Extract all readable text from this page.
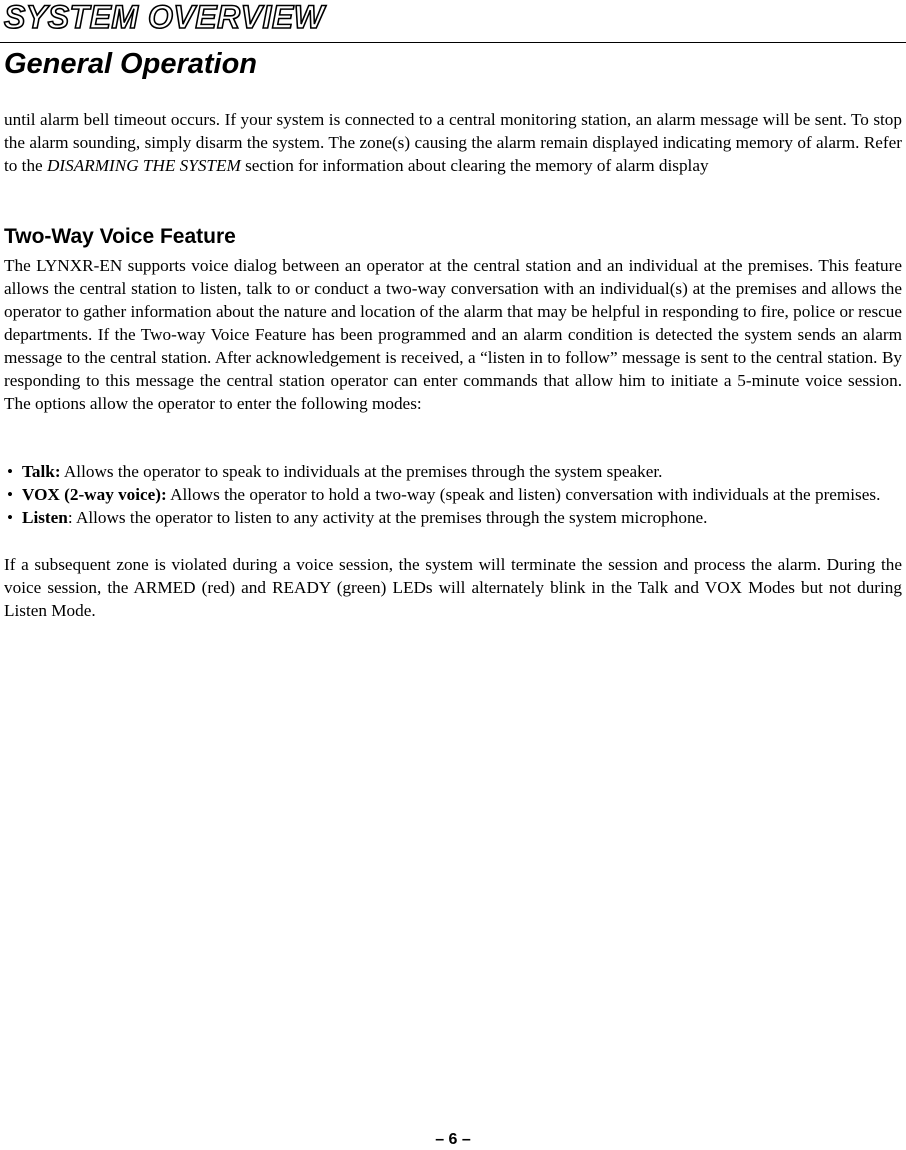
SYSTEM OVERVIEW
General Operation

until alarm bell timeout occurs. If your system is connected to a central monitoring station, an alarm message will be sent. To stop the alarm sounding, simply disarm the system. The zone(s) causing the alarm remain displayed indicating memory of alarm. Refer to the DISARMING THE SYSTEM section for information about clearing the memory of alarm display

Two-Way Voice Feature

The LYNXR-EN supports voice dialog between an operator at the central station and an individual at the premises. This feature allows the central station to listen, talk to or conduct a two-way conversation with an individual(s) at the premises and allows the operator to gather information about the nature and location of the alarm that may be helpful in responding to fire, police or rescue departments. If the Two-way Voice Feature has been programmed and an alarm condition is detected the system sends an alarm message to the central station. After acknowledgement is received, a “listen in to follow” message is sent to the central station. By responding to this message the central station operator can enter commands that allow him to initiate a 5-minute voice session. The options allow the operator to enter the following modes:

• Talk: Allows the operator to speak to individuals at the premises through the system speaker.
• VOX (2-way voice): Allows the operator to hold a two-way (speak and listen) conversation with individuals at the premises.
• Listen: Allows the operator to listen to any activity at the premises through the system microphone.

If a subsequent zone is violated during a voice session, the system will terminate the session and process the alarm. During the voice session, the ARMED (red) and READY (green) LEDs will alternately blink in the Talk and VOX Modes but not during Listen Mode.

– 6 –
